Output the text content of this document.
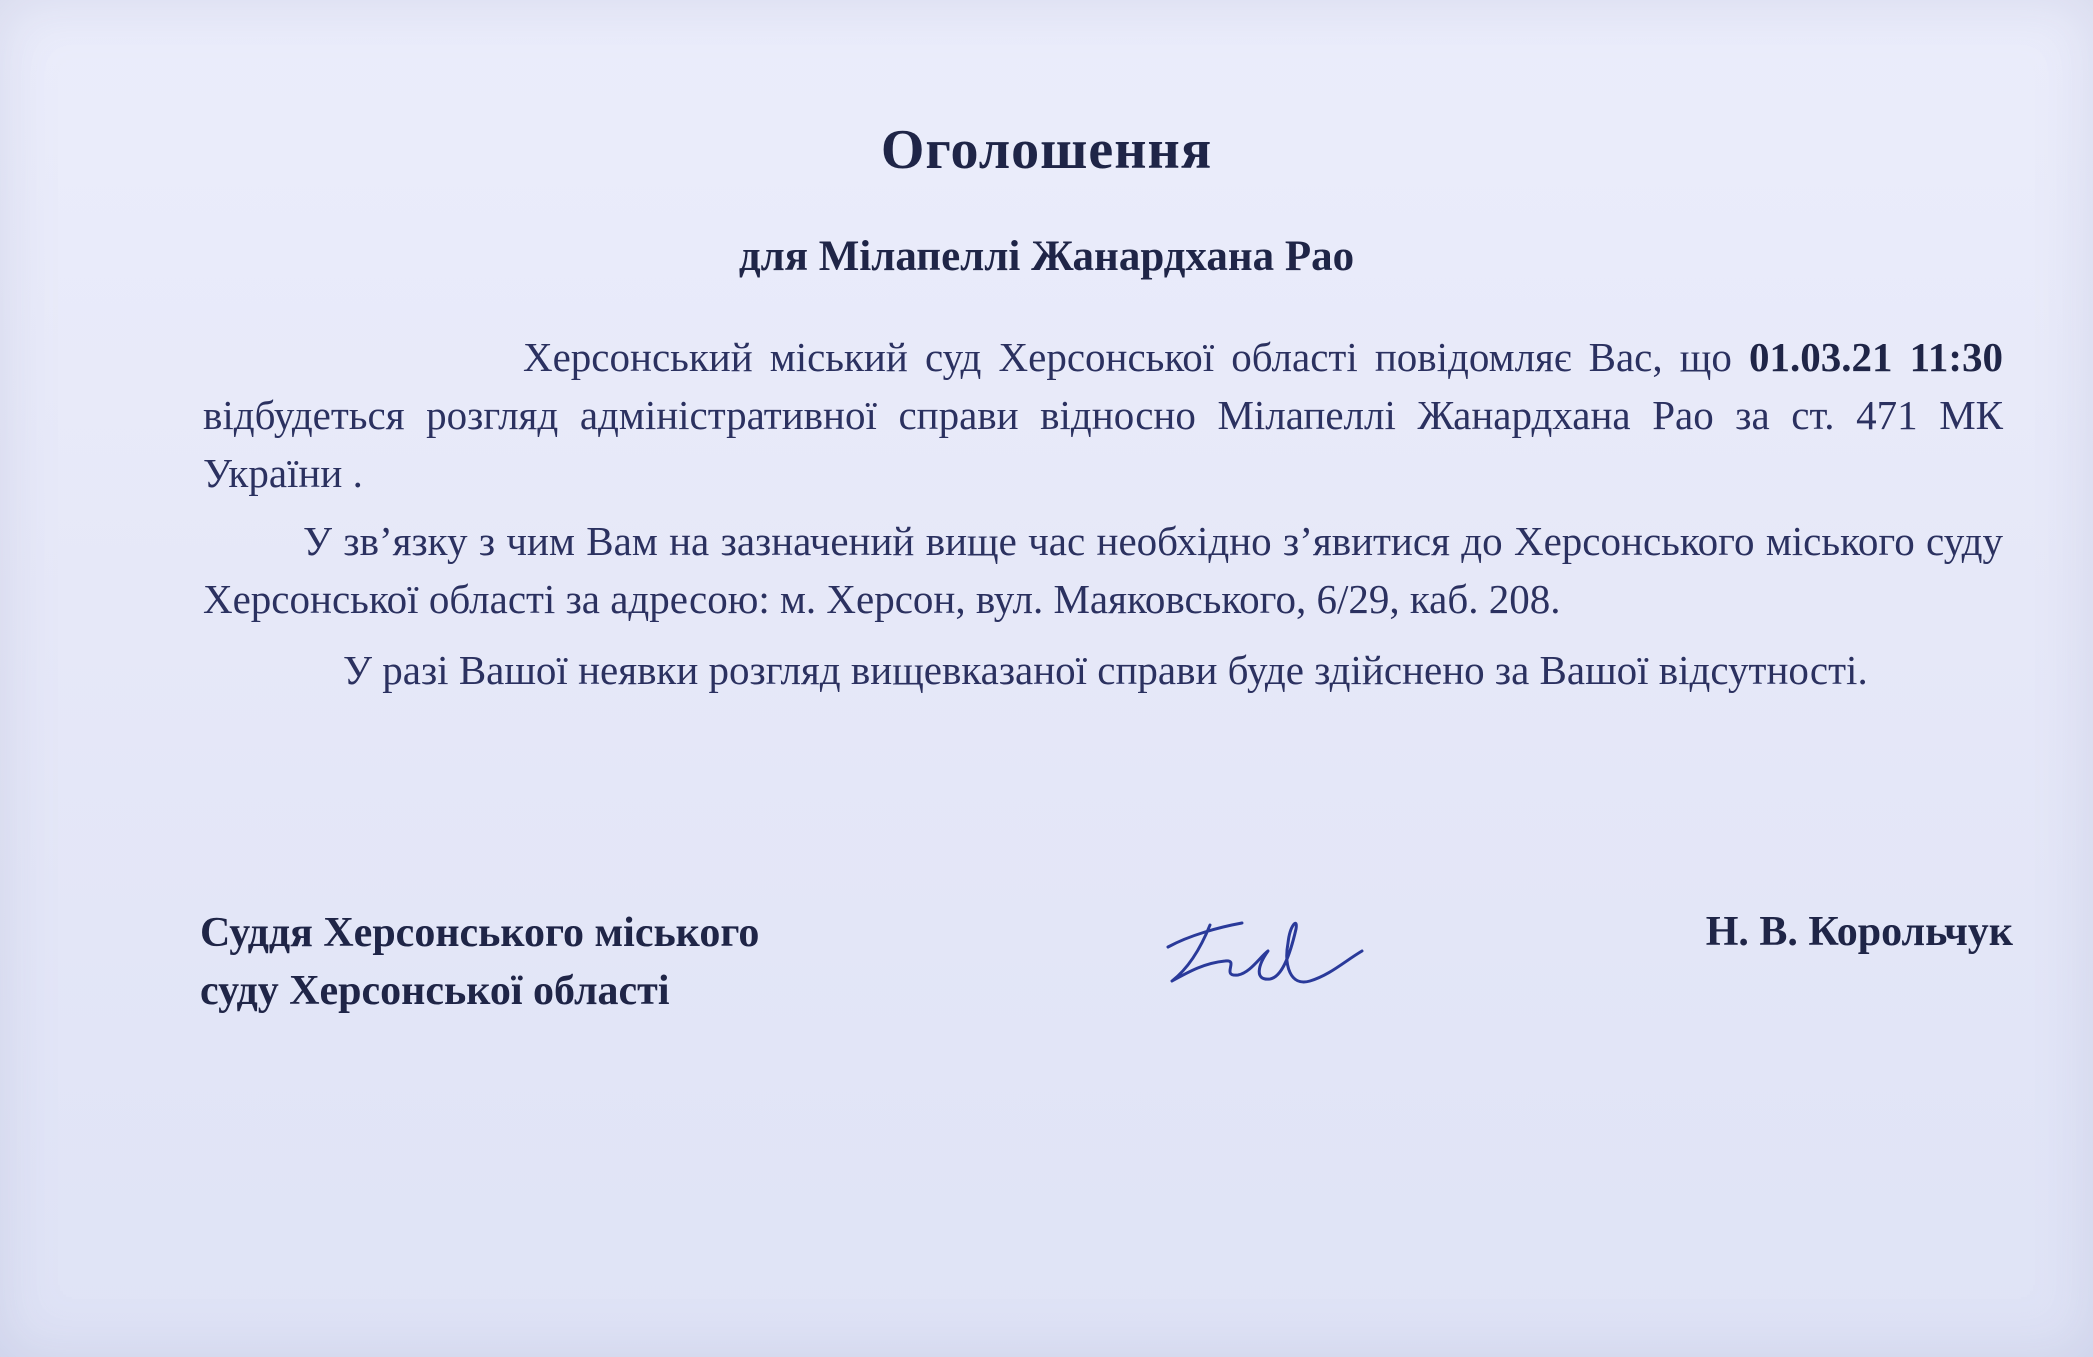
Оголошення
для Мілапеллі Жанардхана Рао

Херсонський міський суд Херсонської області повідомляє Вас, що 01.03.21 11:30 відбудеться розгляд адміністративної справи відносно Мілапеллі Жанардхана Рао за ст. 471 МК України .

У зв’язку з чим Вам на зазначений вище час необхідно з’явитися до Херсонського міського суду Херсонської області за адресою: м. Херсон, вул. Маяковського, 6/29, каб. 208.

У разі Вашої неявки розгляд вищевказаної справи буде здійснено за Вашої відсутності.

Суддя Херсонського міського
суду Херсонської області
Н. В. Корольчук
